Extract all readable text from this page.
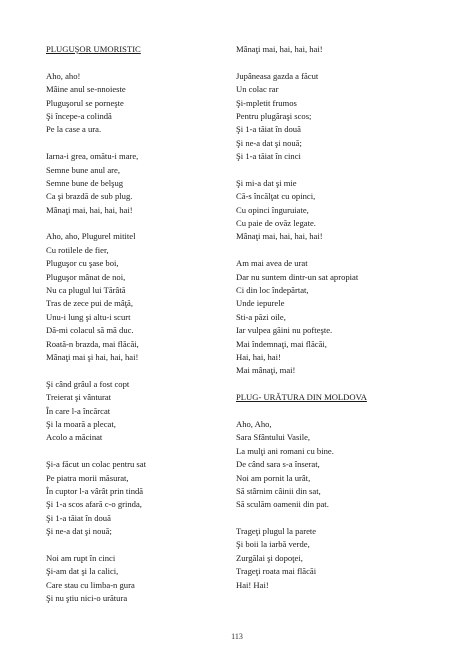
PLUGUŞOR UMORISTIC
Aho, aho!
Mâine anul se-nnoieste
Pluguşorul se porneşte
Şi începe-a colindă
Pe la case a ura.
Iarna-i grea, omătu-i mare,
Semne bune anul are,
Semne bune de belşug
Ca şi brazdă de sub plug.
Mânaţi mai, hai, hai, hai!
Aho, aho, Plugurel mititel
Cu rotilele de fier,
Pluguşor cu şase boi,
Pluguşor mânat de noi,
Nu ca plugul lui Tărâtă
Tras de zece pui de mâţă,
Unu-i lung şi altu-i scurt
Dă-mi colacul să mă duc.
Roată-n brazda, mai flăcăi,
Mânaţi mai şi hai, hai, hai!
Şi când grâul a fost copt
Treierat şi vânturat
În care l-a încărcat
Şi la moară a plecat,
Acolo a măcinat
Şi-a făcut un colac pentru sat
Pe piatra morii măsurat,
În cuptor l-a vârât prin tindă
Şi 1-a scos afară c-o grinda,
Şi 1-a tăiat în două
Şi ne-a dat şi nouă;
Noi am rupt în cinci
Şi-am dat şi la calici,
Care stau cu limba-n gura
Şi nu ştiu nici-o urătura
Mânaţi mai, hai, hai, hai!
Jupâneasa gazda a făcut
Un colac rar
Şi-mpletit frumos
Pentru plugăraşi scos;
Şi 1-a tăiat în două
Şi ne-a dat şi nouă;
Şi 1-a tăiat în cinci
Şi mi-a dat şi mie
Că-s încălţat cu opinci,
Cu opinci înguruiate,
Cu paie de ovăz legate.
Mânaţi mai, hai, hai, hai!
Am mai avea de urat
Dar nu suntem dintr-un sat apropiat
Ci din loc îndepărtat,
Unde iepurele
Sti-a păzi oile,
Iar vulpea găini nu pofteşte.
Mai îndemnaţi, mai flăcăi,
Hai, hai, hai!
Mai mânaţi, mai!
PLUG- URĂTURA DIN MOLDOVA
Aho, Aho,
Sara Sfântului Vasile,
La mulţi ani romani cu bine.
De când sara s-a înserat,
Noi am pornit la urât,
Să stârnim câinii din sat,
Să sculăm oamenii din pat.
Trageţi plugul la parete
Şi boii la iarbă verde,
Zurgălai şi dopoţei,
Trageţi roata mai flăcăi
Hai! Hai!
113
